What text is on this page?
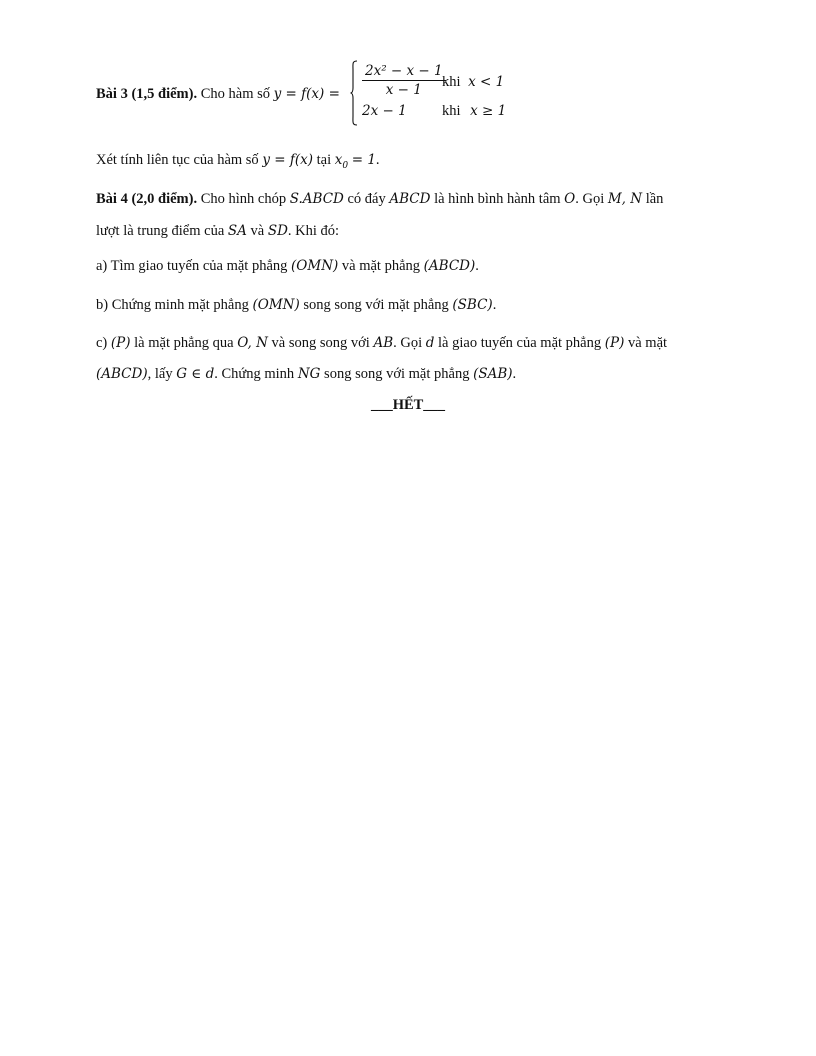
Bài 3 (1,5 điểm). Cho hàm số $y = f(x) = \frac{\text{2x² − x − 1}}{x - 1}$
khi x < 1
2x − 1 khi x ≥ 1
Xét tính liên tục của hàm số y = f(x) tại $x_0 = 1$.
Bài 4 (2,0 điểm). Cho hình chóp S.ABCD có đáy ABCD là hình bình hành tâm O. Gọi M, N lần
lượt là trung điểm của SA và SD. Khi đó:
a) Tìm giao tuyến của mặt phẳng (OMN) và mặt phẳng (ABCD).
b) Chứng minh mặt phẳng (OMN) song song với mặt phẳng (SBC).
c) (P) là mặt phẳng qua O, N và song song với AB. Gọi d là giao tuyến của mặt phẳng (P) và mặt
(ABCD), lấy G ∈ d. Chứng minh NG song song với mặt phẳng (SAB).
___HẾT___
